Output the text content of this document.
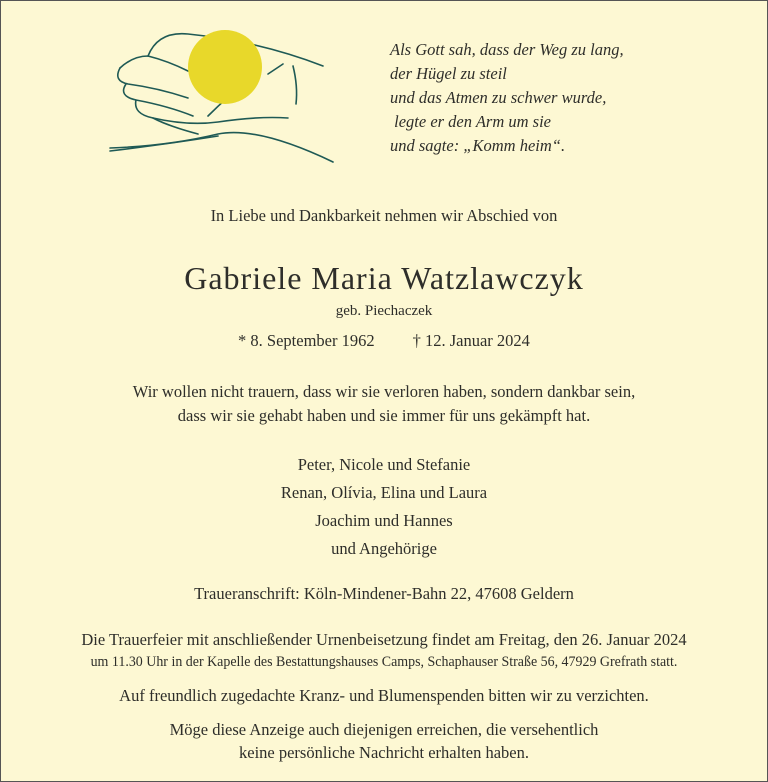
Als Gott sah, dass der Weg zu lang,
der Hügel zu steil
und das Atmen zu schwer wurde,
legte er den Arm um sie
und sagte: „Komm heim“.
In Liebe und Dankbarkeit nehmen wir Abschied von
Gabriele Maria Watzlawczyk
geb. Piechaczek
* 8. September 1962 † 12. Januar 2024
Wir wollen nicht trauern, dass wir sie verloren haben, sondern dankbar sein,
dass wir sie gehabt haben und sie immer für uns gekämpft hat.
Peter, Nicole und Stefanie
Renan, Olívia, Elina und Laura
Joachim und Hannes
und Angehörige
Traueranschrift: Köln-Mindener-Bahn 22, 47608 Geldern
Die Trauerfeier mit anschließender Urnenbeisetzung findet am Freitag, den 26. Januar 2024
um 11.30 Uhr in der Kapelle des Bestattungshauses Camps, Schaphauser Straße 56, 47929 Grefrath statt.
Auf freundlich zugedachte Kranz- und Blumenspenden bitten wir zu verzichten.
Möge diese Anzeige auch diejenigen erreichen, die versehentlich
keine persönliche Nachricht erhalten haben.
